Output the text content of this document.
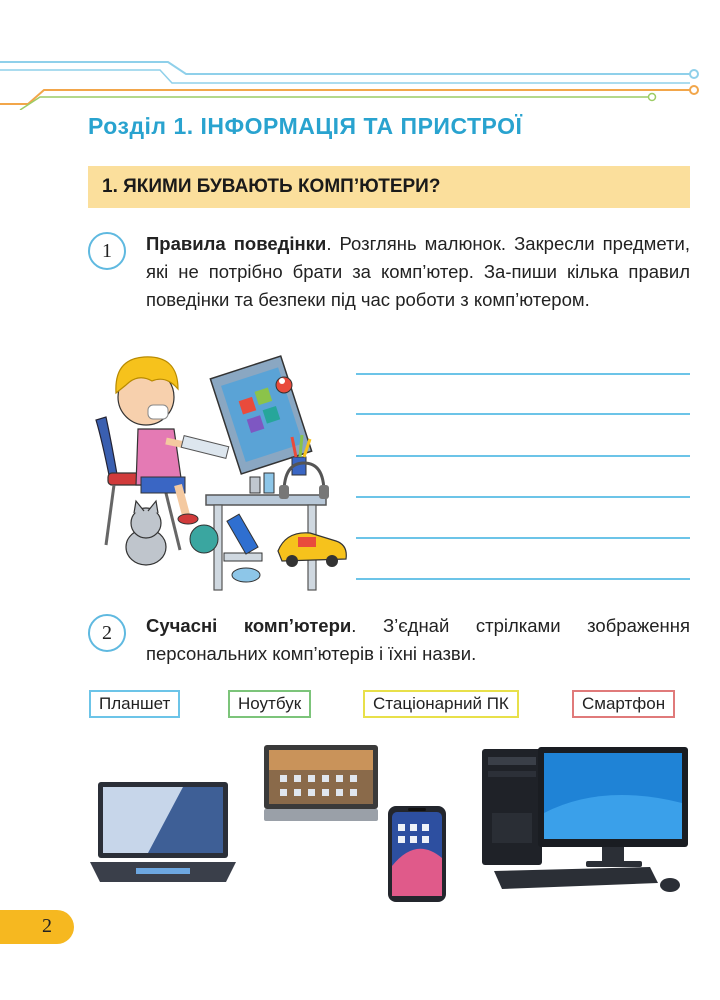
Розділ 1. ІНФОРМАЦІЯ ТА ПРИСТРОЇ
1. ЯКИМИ БУВАЮТЬ КОМП’ЮТЕРИ?
1	Правила поведінки. Розглянь малюнок. Закресли предмети, які не потрібно брати за комп’ютер. За-пиши кілька правил поведінки та безпеки під час роботи з комп’ютером.

2	Сучасні комп’ютери. З’єднай стрілками зображення персональних комп’ютерів і їхні назви.

Планшет	Ноутбук	Стаціонарний ПК	Смартфон
2
